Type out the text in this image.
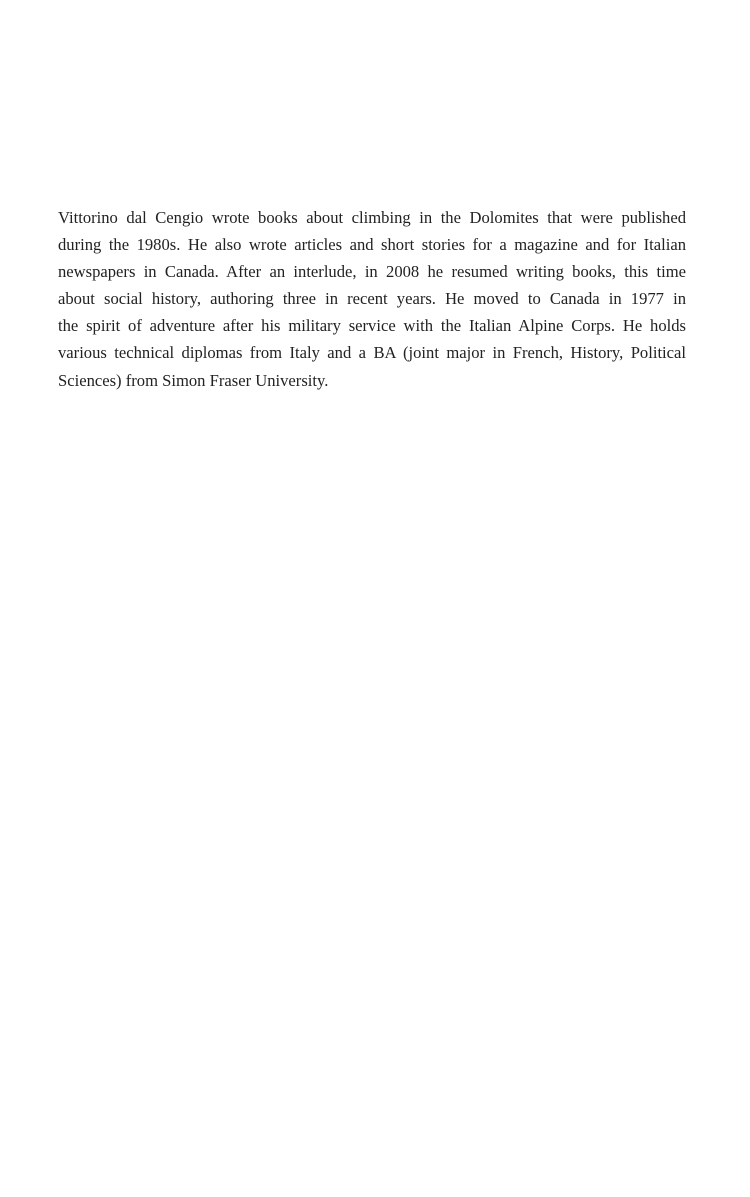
Vittorino dal Cengio wrote books about climbing in the Dolomites that were published
during the 1980s. He also wrote articles and short stories for a magazine and for Italian
newspapers in Canada. After an interlude, in 2008 he resumed writing books, this time
about social history, authoring three in recent years. He moved to Canada in 1977 in
the spirit of adventure after his military service with the Italian Alpine Corps. He holds
various technical diplomas from Italy and a BA (joint major in French, History, Political
Sciences) from Simon Fraser University.
